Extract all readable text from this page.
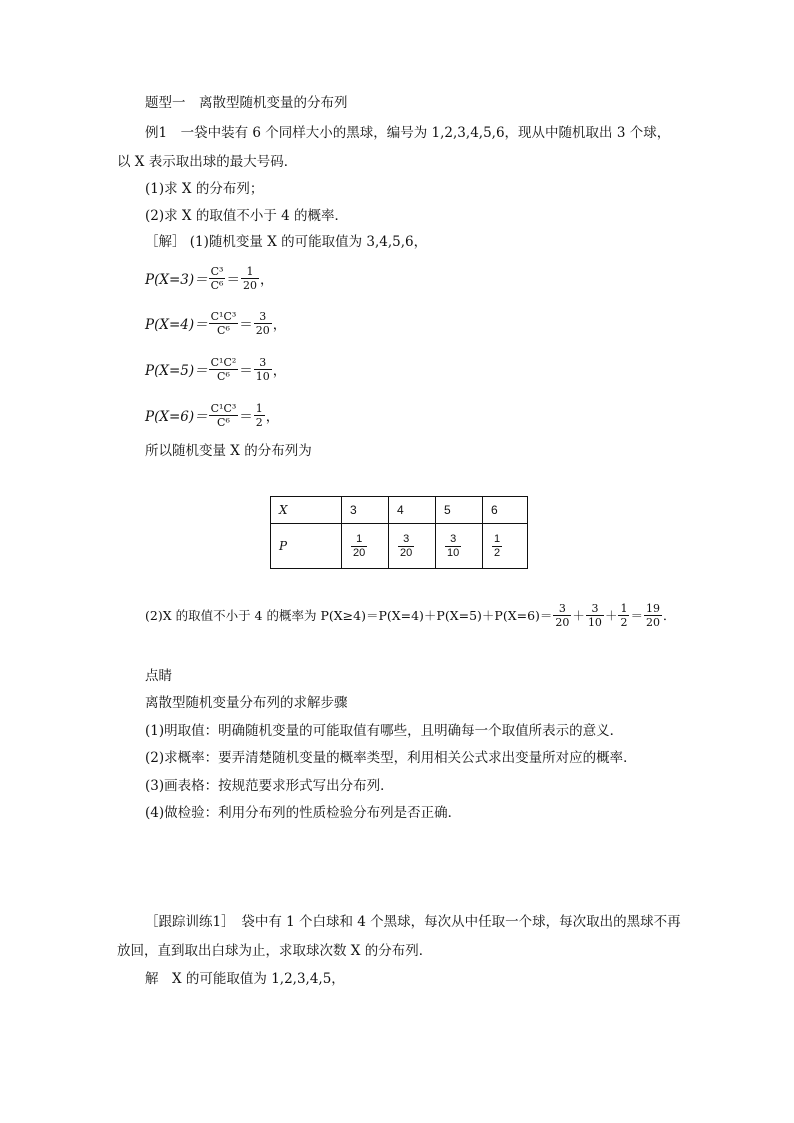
题型一　离散型随机变量的分布列
例1　一袋中装有 6 个同样大小的黑球，编号为 1,2,3,4,5,6，现从中随机取出 3 个球，
以 X 表示取出球的最大号码．
(1)求 X 的分布列；
(2)求 X 的取值不小于 4 的概率．
［解］ (1)随机变量 X 的可能取值为 3,4,5,6，
$P(X=3)= \frac{\text{C³}}{\text{C⁶}} = \frac{1}{20}$ ，
$P(X=4)= \frac{\text{C¹C³}}{\text{C⁶}} = \frac{3}{20}$ ，
$P(X=5)= \frac{\text{C¹C²}}{\text{C⁶}} = \frac{3}{10}$ ，
$P(X=6)= \frac{\text{C¹C³}}{\text{C⁶}} = \frac{1}{2}$ ，
所以随机变量 X 的分布列为
X	3	4	5	6
P	$\frac{1}{20}$	$\frac{3}{20}$	$\frac{3}{10}$	$\frac{1}{2}$
(2)X 的取值不小于 4 的概率为 $P(X\ge 4)=P(X=4)+P(X=5)+P(X=6)= \frac{3}{20} + \frac{3}{10} + \frac{1}{2} = \frac{19}{20}$ ．
点睛
离散型随机变量分布列的求解步骤
(1)明取值：明确随机变量的可能取值有哪些，且明确每一个取值所表示的意义．
(2)求概率：要弄清楚随机变量的概率类型，利用相关公式求出变量所对应的概率．
(3)画表格：按规范要求形式写出分布列．
(4)做检验：利用分布列的性质检验分布列是否正确．
［跟踪训练1］　袋中有 1 个白球和 4 个黑球，每次从中任取一个球，每次取出的黑球不再
放回，直到取出白球为止，求取球次数 X 的分布列．
解　X 的可能取值为 1,2,3,4,5，
